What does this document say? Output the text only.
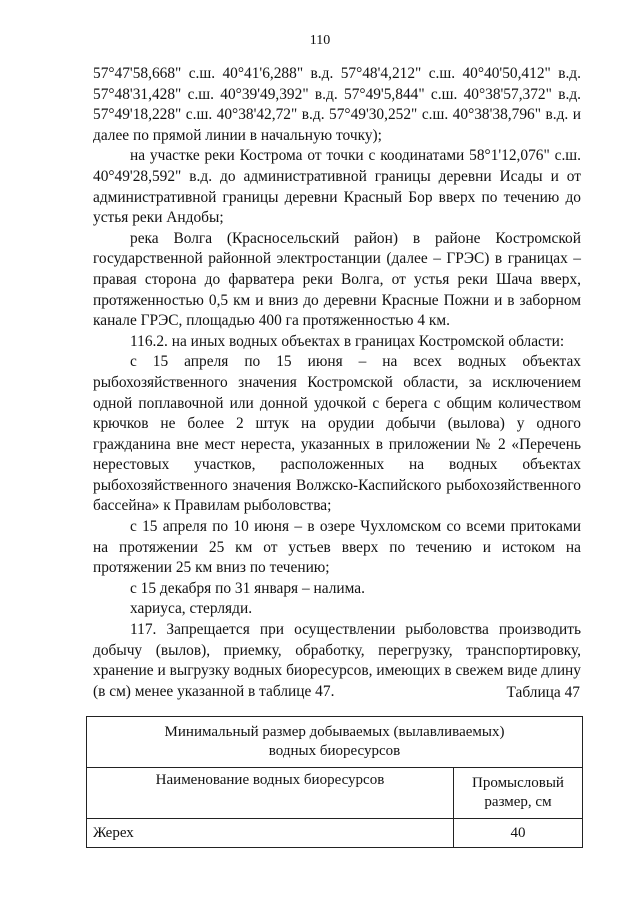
110

57°47'58,668" с.ш. 40°41'6,288" в.д. 57°48'4,212" с.ш. 40°40'50,412" в.д. 57°48'31,428" с.ш. 40°39'49,392" в.д. 57°49'5,844" с.ш. 40°38'57,372" в.д. 57°49'18,228" с.ш. 40°38'42,72" в.д. 57°49'30,252" с.ш. 40°38'38,796" в.д. и далее по прямой линии в начальную точку);

на участке реки Кострома от точки с коодинатами 58°1'12,076" с.ш. 40°49'28,592" в.д. до административной границы деревни Исады и от административной границы деревни Красный Бор вверх по течению до устья реки Андобы;

река Волга (Красносельский район) в районе Костромской государственной районной электростанции (далее – ГРЭС) в границах – правая сторона до фарватера реки Волга, от устья реки Шача вверх, протяженностью 0,5 км и вниз до деревни Красные Пожни и в заборном канале ГРЭС, площадью 400 га протяженностью 4 км.

116.2. на иных водных объектах в границах Костромской области:

с 15 апреля по 15 июня – на всех водных объектах рыбохозяйственного значения Костромской области, за исключением одной поплавочной или донной удочкой с берега с общим количеством крючков не более 2 штук на орудии добычи (вылова) у одного гражданина вне мест нереста, указанных в приложении № 2 «Перечень нерестовых участков, расположенных на водных объектах рыбохозяйственного значения Волжско-Каспийского рыбохозяйственного бассейна» к Правилам рыболовства;

с 15 апреля по 10 июня – в озере Чухломском со всеми притоками на протяжении 25 км от устьев вверх по течению и истоком на протяжении 25 км вниз по течению;

с 15 декабря по 31 января – налима.

хариуса, стерляди.

117. Запрещается при осуществлении рыболовства производить добычу (вылов), приемку, обработку, перегрузку, транспортировку, хранение и выгрузку водных биоресурсов, имеющих в свежем виде длину (в см) менее указанной в таблице 47.	Таблица 47
Минимальный размер добываемых (вылавливаемых)
водных биоресурсов	
Наименование водных биоресурсов	Промысловый
размер, см
Жерех	40
